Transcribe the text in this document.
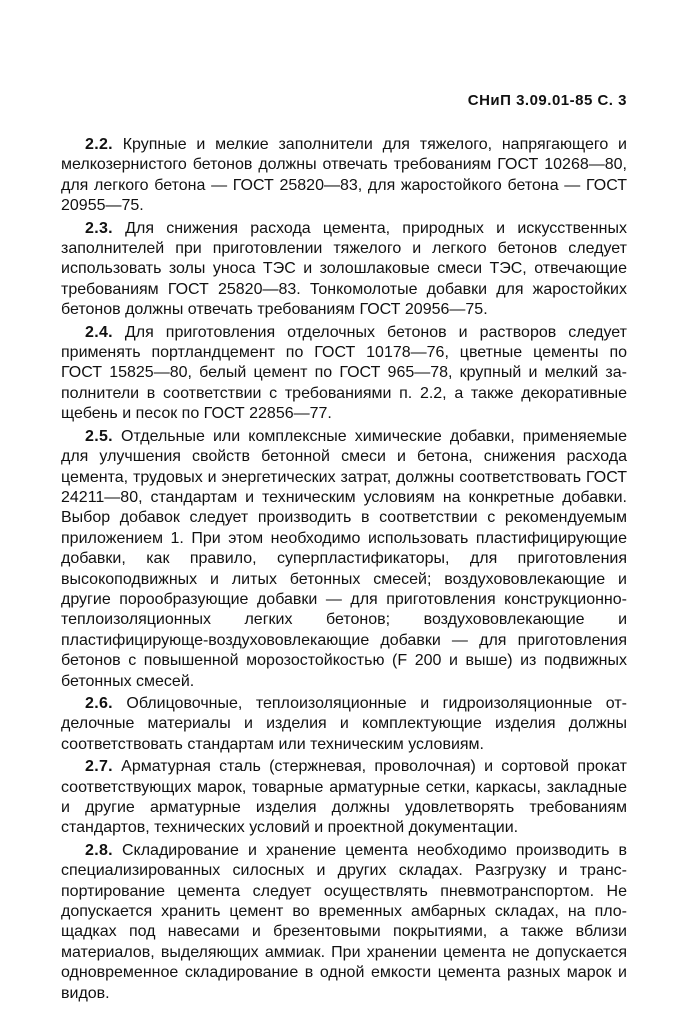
СНиП 3.09.01-85 С. 3

2.2. Крупные и мелкие заполнители для тяжелого, напрягающего и мелкозернистого бетонов должны отвечать требованиям ГОСТ 10268—80, для легкого бетона — ГОСТ 25820—83, для жаростойкого бетона — ГОСТ 20955—75.

2.3. Для снижения расхода цемента, природных и искусственных заполнителей при приготовлении тяжелого и легкого бетонов следует использовать золы уноса ТЭС и золошлаковые смеси ТЭС, отвечающие требованиям ГОСТ 25820—83. Тонкомолотые добавки для жаростойких бетонов должны отвечать требованиям ГОСТ 20956—75.

2.4. Для приготовления отделочных бетонов и растворов следует применять портландцемент по ГОСТ 10178—76, цветные цементы по ГОСТ 15825—80, белый цемент по ГОСТ 965—78, крупный и мелкий заполнители в соответствии с требованиями п. 2.2, а также декоративные щебень и песок по ГОСТ 22856—77.

2.5. Отдельные или комплексные химические добавки, применяемые для улучшения свойств бетонной смеси и бетона, снижения расхода цемента, трудовых и энергетических затрат, должны соответствовать ГОСТ 24211—80, стандартам и техническим условиям на конкретные добавки. Выбор добавок следует производить в соответствии с рекомендуемым приложением 1. При этом необходимо использовать пластифицирующие добавки, как правило, суперпластификаторы, для приготовления высокоподвижных и литых бетонных смесей; воздухововлекающие и другие порообразующие добавки — для приготовления конструкционно-теплоизоляционных легких бетонов; воздухововлекающие и пластифицирующе-воздухововлекающие добавки — для приготовления бетонов с повышенной морозостойкостью (F 200 и выше) из подвижных бетонных смесей.

2.6. Облицовочные, теплоизоляционные и гидроизоляционные отделочные материалы и изделия и комплектующие изделия должны соответствовать стандартам или техническим условиям.

2.7. Арматурная сталь (стержневая, проволочная) и сортовой прокат соответствующих марок, товарные арматурные сетки, каркасы, закладные и другие арматурные изделия должны удовлетворять требованиям стандартов, технических условий и проектной документации.

2.8. Складирование и хранение цемента необходимо производить в специализированных силосных и других складах. Разгрузку и транспортирование цемента следует осуществлять пневмотранспортом. Не допускается хранить цемент во временных амбарных складах, на площадках под навесами и брезентовыми покрытиями, а также вблизи материалов, выделяющих аммиак. При хранении цемента не допускается одновременное складирование в одной емкости цемента разных марок и видов.
